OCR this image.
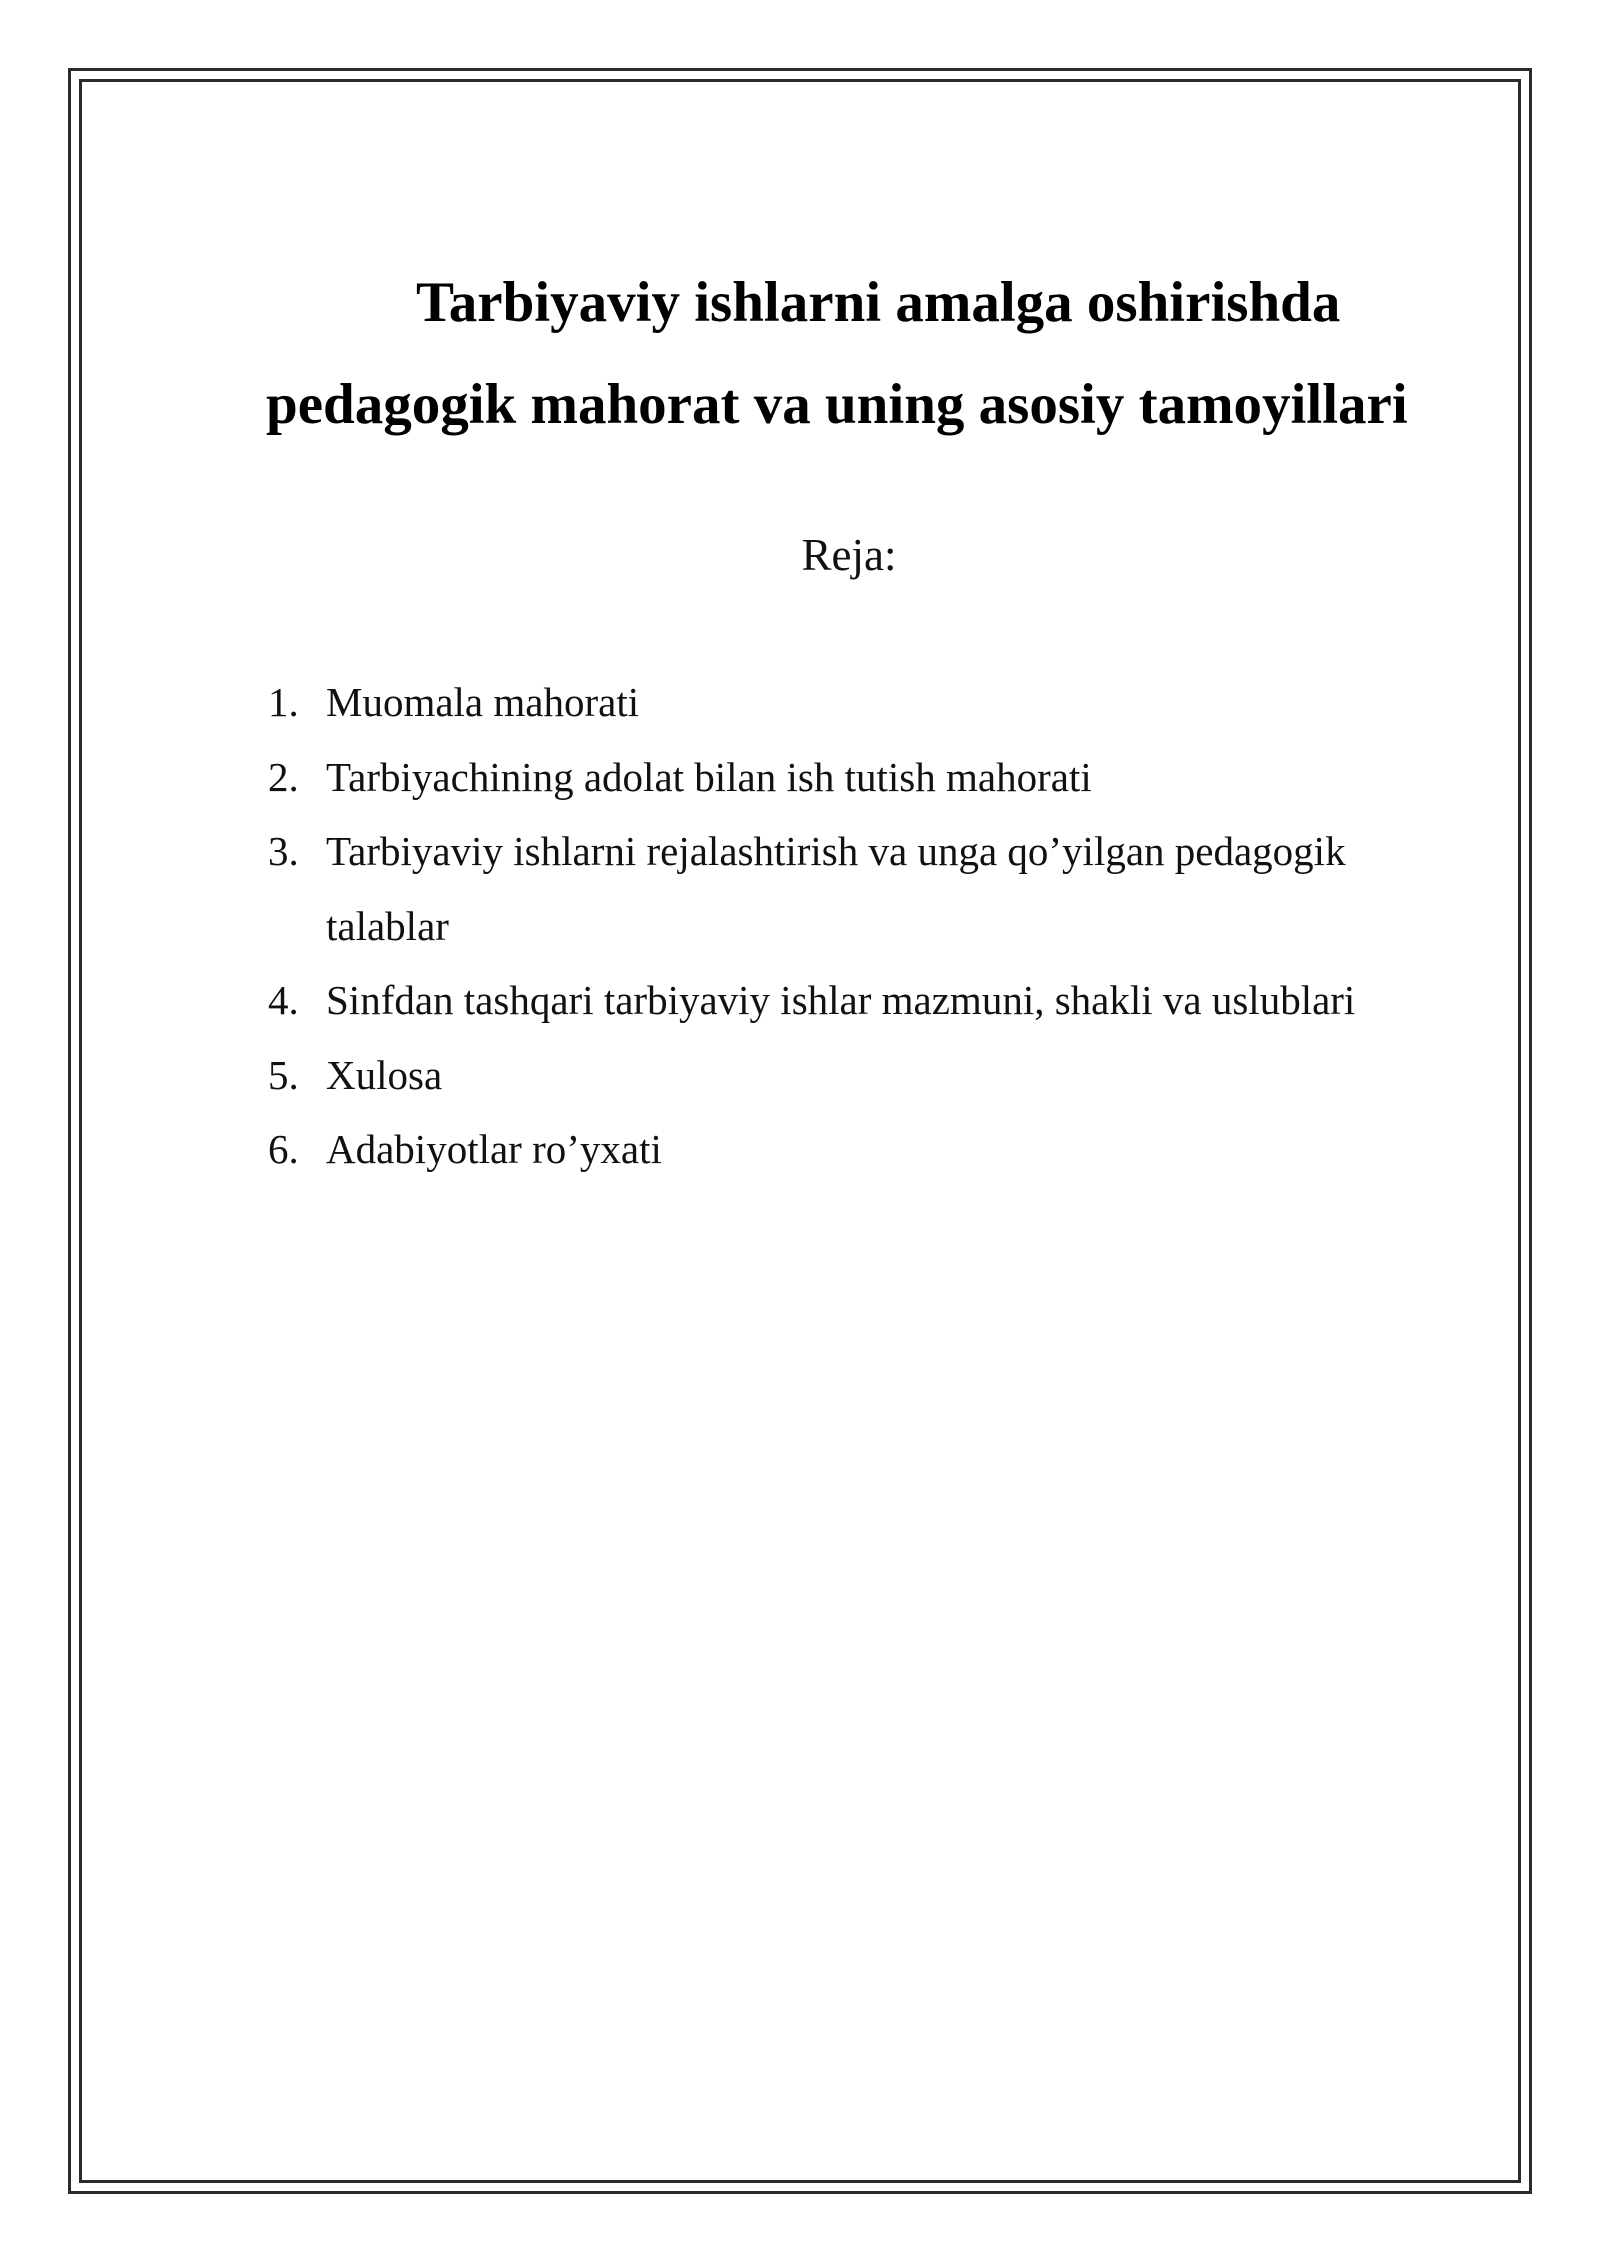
Tarbiyaviy ishlarni amalga oshirishda
pedagogik mahorat va uning asosiy tamoyillari
Reja:
1. Muomala mahorati
2. Tarbiyachining adolat bilan ish tutish mahorati
3. Tarbiyaviy ishlarni rejalashtirish va unga qo’yilgan pedagogik talablar
4. Sinfdan tashqari tarbiyaviy ishlar mazmuni, shakli va uslublari
5. Xulosa
6. Adabiyotlar ro’yxati
